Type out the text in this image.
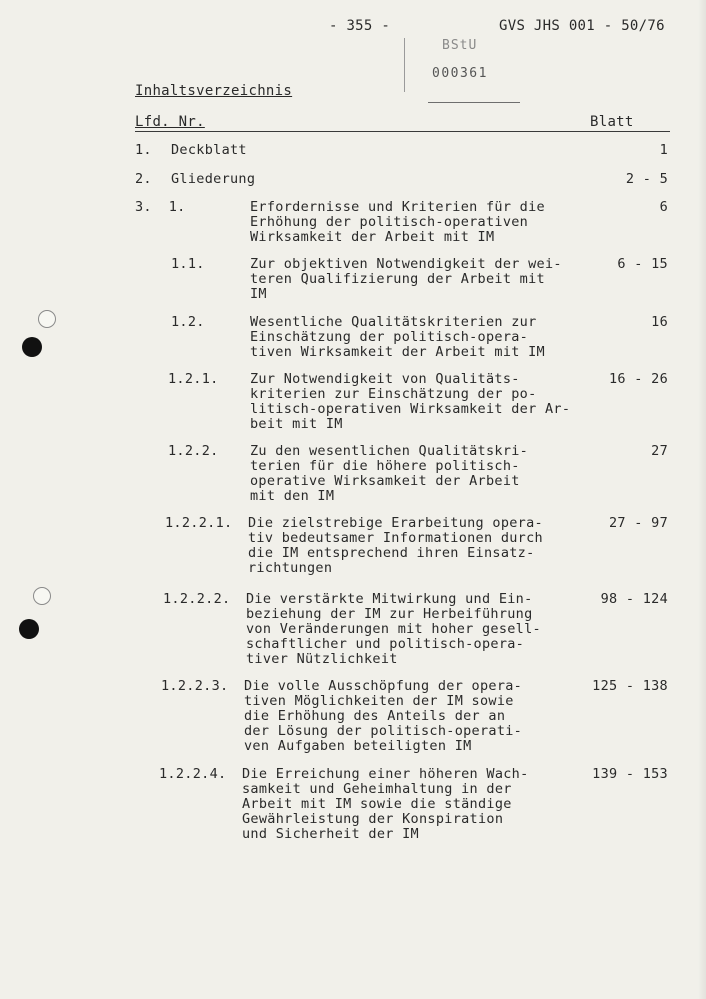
- 355 -	GVS JHS 001 - 50/76
BStU
000361
Inhaltsverzeichnis
Lfd. Nr.	Blatt
1. Deckblatt	1
2. Gliederung	2 - 5
3.  1.	Erfordernisse und Kriterien für die
Erhöhung der politisch-operativen
Wirksamkeit der Arbeit mit IM
6
1.1.	Zur objektiven Notwendigkeit der wei-
teren Qualifizierung der Arbeit mit
IM
6 - 15
1.2.	Wesentliche Qualitätskriterien zur
Einschätzung der politisch-opera-
tiven Wirksamkeit der Arbeit mit IM
16
1.2.1. Zur Notwendigkeit von Qualitäts-
kriterien zur Einschätzung der po-
litisch-operativen Wirksamkeit der Ar-
beit mit IM
16 - 26
1.2.2. Zu den wesentlichen Qualitätskri-
terien für die höhere politisch-
operative Wirksamkeit der Arbeit
mit den IM
27
1.2.2.1. Die zielstrebige Erarbeitung opera-
tiv bedeutsamer Informationen durch
die IM entsprechend ihren Einsatz-
richtungen
27 - 97
1.2.2.2. Die verstärkte Mitwirkung und Ein-
beziehung der IM zur Herbeiführung
von Veränderungen mit hoher gesell-
schaftlicher und politisch-opera-
tiver Nützlichkeit
98 - 124
1.2.2.3. Die volle Ausschöpfung der opera-
tiven Möglichkeiten der IM sowie
die Erhöhung des Anteils der an
der Lösung der politisch-operati-
ven Aufgaben beteiligten IM
125 - 138
1.2.2.4. Die Erreichung einer höheren Wach-
samkeit und Geheimhaltung in der
Arbeit mit IM sowie die ständige
Gewährleistung der Konspiration
und Sicherheit der IM
139 - 153
